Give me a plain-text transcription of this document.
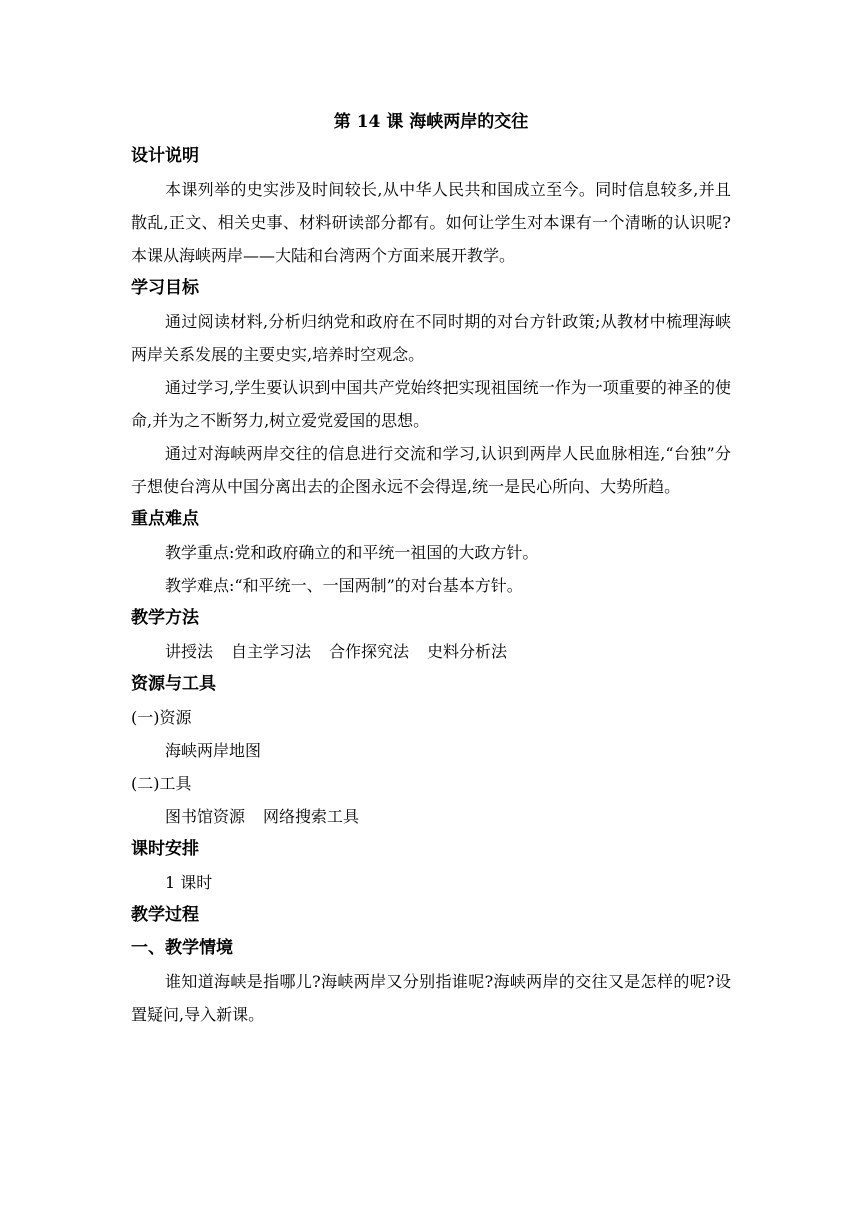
第 14 课 海峡两岸的交往

设计说明

本课列举的史实涉及时间较长,从中华人民共和国成立至今。同时信息较多,并且散乱,正文、相关史事、材料研读部分都有。如何让学生对本课有一个清晰的认识呢?本课从海峡两岸——大陆和台湾两个方面来展开教学。

学习目标

通过阅读材料,分析归纳党和政府在不同时期的对台方针政策;从教材中梳理海峡两岸关系发展的主要史实,培养时空观念。

通过学习,学生要认识到中国共产党始终把实现祖国统一作为一项重要的神圣的使命,并为之不断努力,树立爱党爱国的思想。

通过对海峡两岸交往的信息进行交流和学习,认识到两岸人民血脉相连,“台独”分子想使台湾从中国分离出去的企图永远不会得逞,统一是民心所向、大势所趋。

重点难点

教学重点:党和政府确立的和平统一祖国的大政方针。

教学难点:“和平统一、一国两制”的对台基本方针。

教学方法

讲授法 自主学习法 合作探究法 史料分析法

资源与工具

(一)资源

海峡两岸地图

(二)工具

图书馆资源 网络搜索工具

课时安排

1 课时

教学过程

一、教学情境

谁知道海峡是指哪儿?海峡两岸又分别指谁呢?海峡两岸的交往又是怎样的呢?设置疑问,导入新课。
